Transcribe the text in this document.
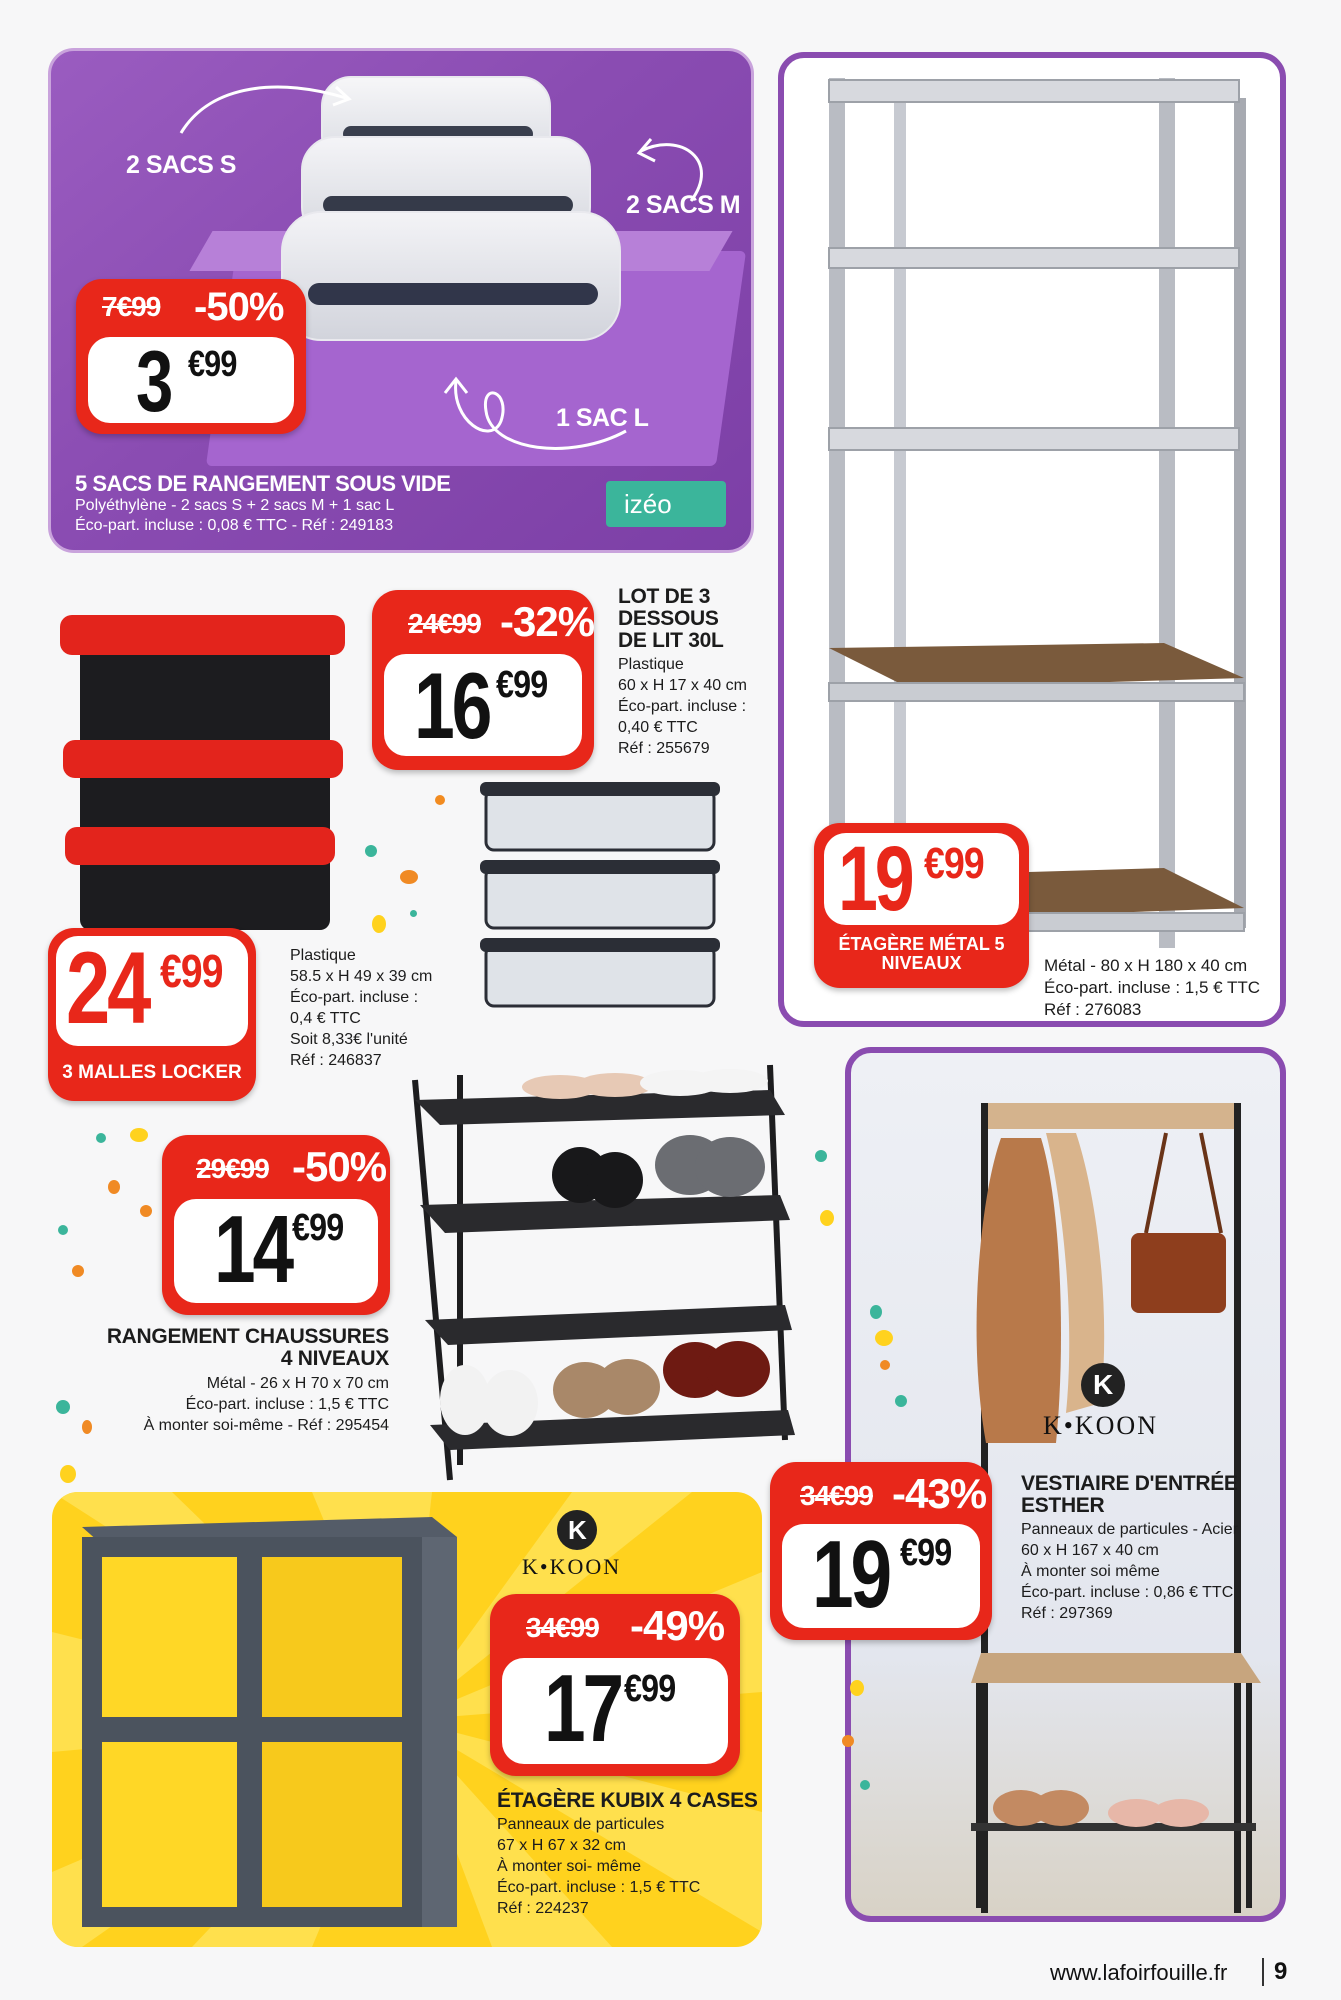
2 SACS S
2 SACS M
1 SAC L
7€99 -50%
3 €99
5 SACS DE RANGEMENT SOUS VIDE
Polyéthylène - 2 sacs S + 2 sacs M + 1 sac L
Éco-part. incluse : 0,08 € TTC - Réf : 249183
izéo
19 €99
ÉTAGÈRE MÉTAL 5 NIVEAUX	Métal - 80 x H 180 x 40 cm
Éco-part. incluse : 1,5 € TTC
Réf : 276083
24€99 -32%
16 €99
LOT DE 3
DESSOUS
DE LIT 30L
Plastique
60 x H 17 x 40 cm
Éco-part. incluse :
0,40 € TTC
Réf : 255679
24 €99
3 MALLES LOCKER
Plastique
58.5 x H 49 x 39 cm
Éco-part. incluse :
0,4 € TTC
Soit 8,33€ l'unité
Réf : 246837
29€99 -50%
14 €99
RANGEMENT CHAUSSURES
4 NIVEAUX
Métal - 26 x H 70 x 70 cm
Éco-part. incluse : 1,5 € TTC
À monter soi-même - Réf : 295454
K
K•KOON
VESTIAIRE D'ENTRÉE
ESTHER
Panneaux de particules - Acier
60 x H 167 x 40 cm
À monter soi même
Éco-part. incluse : 0,86 € TTC
Réf : 297369
34€99 -43%
19 €99
K
K•KOON
34€99 -49%
17 €99
ÉTAGÈRE KUBIX 4 CASES
Panneaux de particules
67 x H 67 x 32 cm
À monter soi- même
Éco-part. incluse : 1,5 € TTC
Réf : 224237
www.lafoirfouille.fr 9
